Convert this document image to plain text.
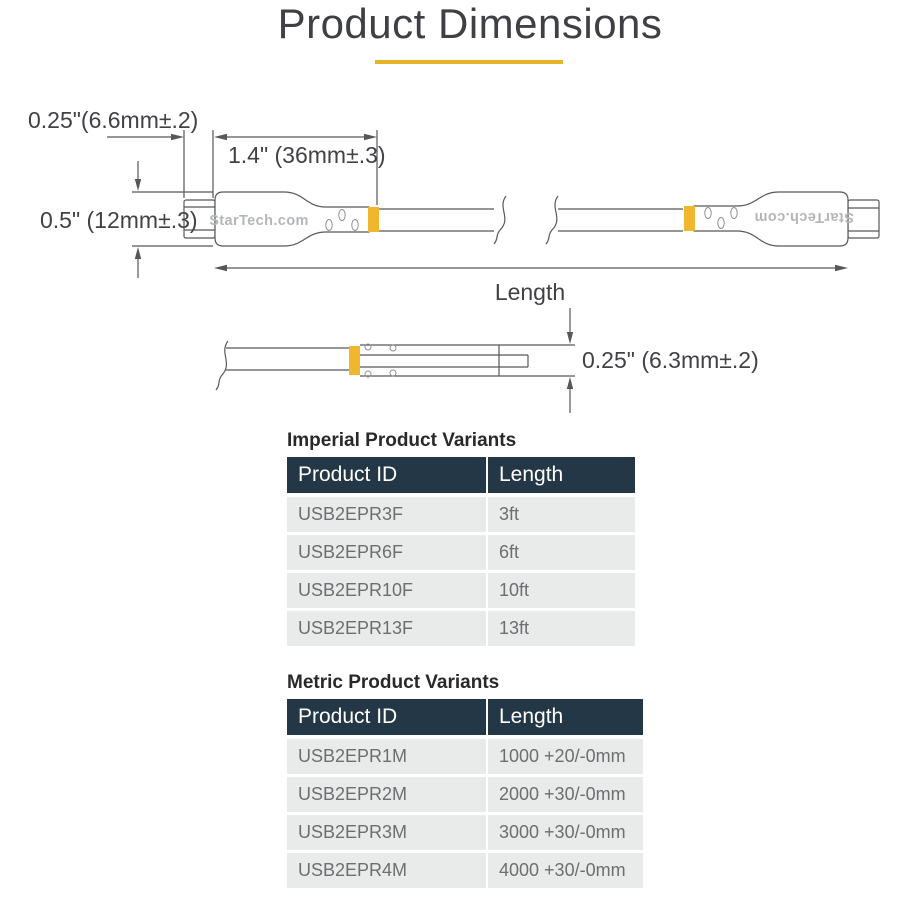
Product Dimensions
StarTech.com
0.25"(6.6mm±.2)
1.4" (36mm±.3)
0.5" (12mm±.3)
Length
0.25" (6.3mm±.2)
Imperial Product Variants
Product ID	Length
USB2EPR3F	3ft
USB2EPR6F	6ft
USB2EPR10F	10ft
USB2EPR13F	13ft
Metric Product Variants
Product ID	Length
USB2EPR1M	1000 +20/-0mm
USB2EPR2M	2000 +30/-0mm
USB2EPR3M	3000 +30/-0mm
USB2EPR4M	4000 +30/-0mm
